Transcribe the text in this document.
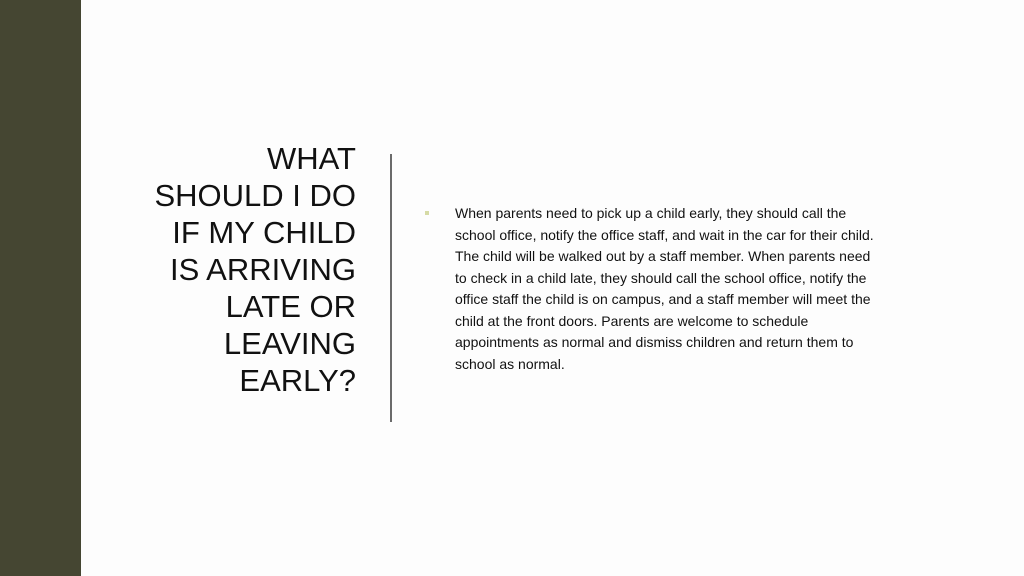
WHAT SHOULD I DO IF MY CHILD IS ARRIVING LATE OR LEAVING EARLY?
When parents need to pick up a child early, they should call the school office, notify the office staff, and wait in the car for their child. The child will be walked out by a staff member. When parents need to check in a child late, they should call the school office, notify the office staff the child is on campus, and a staff member will meet the child at the front doors. Parents are welcome to schedule appointments as normal and dismiss children and return them to school as normal.
